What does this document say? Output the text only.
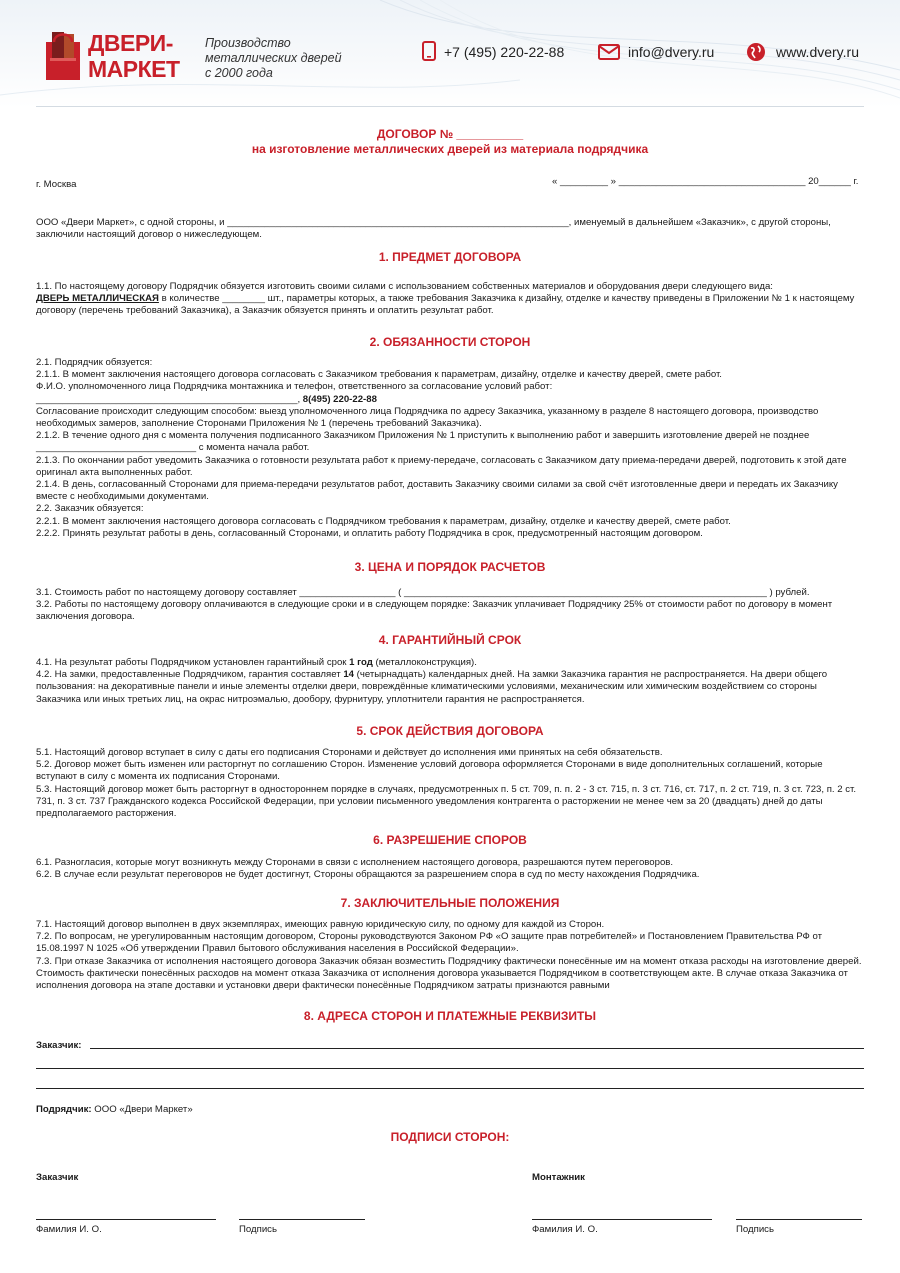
ДВЕРИ-
МАРКЕТ
Производство
металлических дверей
с 2000 года
+7 (495) 220-22-88	info@dvery.ru	www.dvery.ru
ДОГОВОР № __________
на изготовление металлических дверей из материала подрядчика
г. Москва	« _________ » ___________________________________ 20______ г.
ООО «Двери Маркет», с одной стороны, и ________________________________________________________________, именуемый в дальнейшем «Заказчик», с другой стороны, заключили настоящий договор о нижеследующем.
1. ПРЕДМЕТ ДОГОВОРА
1.1. По настоящему договору Подрядчик обязуется изготовить своими силами с использованием собственных материалов и оборудования двери следующего вида:
ДВЕРЬ МЕТАЛЛИЧЕСКАЯ в количестве ________ шт., параметры которых, а также требования Заказчика к дизайну, отделке и качеству приведены в Приложении № 1 к настоящему договору (перечень требований Заказчика), а Заказчик обязуется принять и оплатить результат работ.
2. ОБЯЗАННОСТИ СТОРОН
2.1. Подрядчик обязуется:
2.1.1. В момент заключения настоящего договора согласовать с Заказчиком требования к параметрам, дизайну, отделке и качеству дверей, смете работ.
Ф.И.О. уполномоченного лица Подрядчика монтажника и телефон, ответственного за согласование условий работ:
_________________________________________________, 8(495) 220-22-88
Согласование происходит следующим способом: выезд уполномоченного лица Подрядчика по адресу Заказчика, указанному в разделе 8 настоящего договора, производство необходимых замеров, заполнение Сторонами Приложения № 1 (перечень требований Заказчика).
2.1.2. В течение одного дня с момента получения подписанного Заказчиком Приложения № 1 приступить к выполнению работ и завершить изготовление дверей не позднее ______________________________ с момента начала работ.
2.1.3. По окончании работ уведомить Заказчика о готовности результата работ к приему-передаче, согласовать с Заказчиком дату приема-передачи дверей, подготовить к этой дате оригинал акта выполненных работ.
2.1.4. В день, согласованный Сторонами для приема-передачи результатов работ, доставить Заказчику своими силами за свой счёт изготовленные двери и передать их Заказчику вместе с необходимыми документами.
2.2. Заказчик обязуется:
2.2.1. В момент заключения настоящего договора согласовать с Подрядчиком требования к параметрам, дизайну, отделке и качеству дверей, смете работ.
2.2.2. Принять результат работы в день, согласованный Сторонами, и оплатить работу Подрядчика в срок, предусмотренный настоящим договором.
3. ЦЕНА И ПОРЯДОК РАСЧЕТОВ
3.1. Стоимость работ по настоящему договору составляет __________________ ( ____________________________________________________________________ ) рублей.
3.2. Работы по настоящему договору оплачиваются в следующие сроки и в следующем порядке: Заказчик уплачивает Подрядчику 25% от стоимости работ по договору в момент заключения договора.
4. ГАРАНТИЙНЫЙ СРОК
4.1. На результат работы Подрядчиком установлен гарантийный срок 1 год (металлоконструкция).
4.2. На замки, предоставленные Подрядчиком, гарантия составляет 14 (четырнадцать) календарных дней. На замки Заказчика гарантия не распространяется. На двери общего пользования: на декоративные панели и иные элементы отделки двери, повреждённые климатическими условиями, механическим или химическим воздействием со стороны Заказчика или иных третьих лиц, на окрас нитроэмалью, дообору, фурнитуру, уплотнители гарантия не распространяется.
5. СРОК ДЕЙСТВИЯ ДОГОВОРА
5.1. Настоящий договор вступает в силу с даты его подписания Сторонами и действует до исполнения ими принятых на себя обязательств.
5.2. Договор может быть изменен или расторгнут по соглашению Сторон. Изменение условий договора оформляется Сторонами в виде дополнительных соглашений, которые вступают в силу с момента их подписания Сторонами.
5.3. Настоящий договор может быть расторгнут в одностороннем порядке в случаях, предусмотренных п. 5 ст. 709, п. п. 2 - 3 ст. 715, п. 3 ст. 716, ст. 717, п. 2 ст. 719, п. 3 ст. 723, п. 2 ст. 731, п. 3 ст. 737 Гражданского кодекса Российской Федерации, при условии письменного уведомления контрагента о расторжении не менее чем за 20 (двадцать) дней до даты предполагаемого расторжения.
6. РАЗРЕШЕНИЕ СПОРОВ
6.1. Разногласия, которые могут возникнуть между Сторонами в связи с исполнением настоящего договора, разрешаются путем переговоров.
6.2. В случае если результат переговоров не будет достигнут, Стороны обращаются за разрешением спора в суд по месту нахождения Подрядчика.
7. ЗАКЛЮЧИТЕЛЬНЫЕ ПОЛОЖЕНИЯ
7.1. Настоящий договор выполнен в двух экземплярах, имеющих равную юридическую силу, по одному для каждой из Сторон.
7.2. По вопросам, не урегулированным настоящим договором, Стороны руководствуются Законом РФ «О защите прав потребителей» и Постановлением Правительства РФ от 15.08.1997 N 1025 «Об утверждении Правил бытового обслуживания населения в Российской Федерации».
7.3. При отказе Заказчика от исполнения настоящего договора Заказчик обязан возместить Подрядчику фактически понесённые им на момент отказа расходы на изготовление дверей. Стоимость фактически понесённых расходов на момент отказа Заказчика от исполнения договора указывается Подрядчиком в соответствующем акте. В случае отказа Заказчика от исполнения договора на этапе доставки и установки двери фактически понесённые Подрядчиком затраты признаются равными
8. АДРЕСА СТОРОН И ПЛАТЕЖНЫЕ РЕКВИЗИТЫ
Заказчик:
Подрядчик: ООО «Двери Маркет»
ПОДПИСИ СТОРОН:
Заказчик	Монтажник
Фамилия И. О.	Подпись	Фамилия И. О.	Подпись
